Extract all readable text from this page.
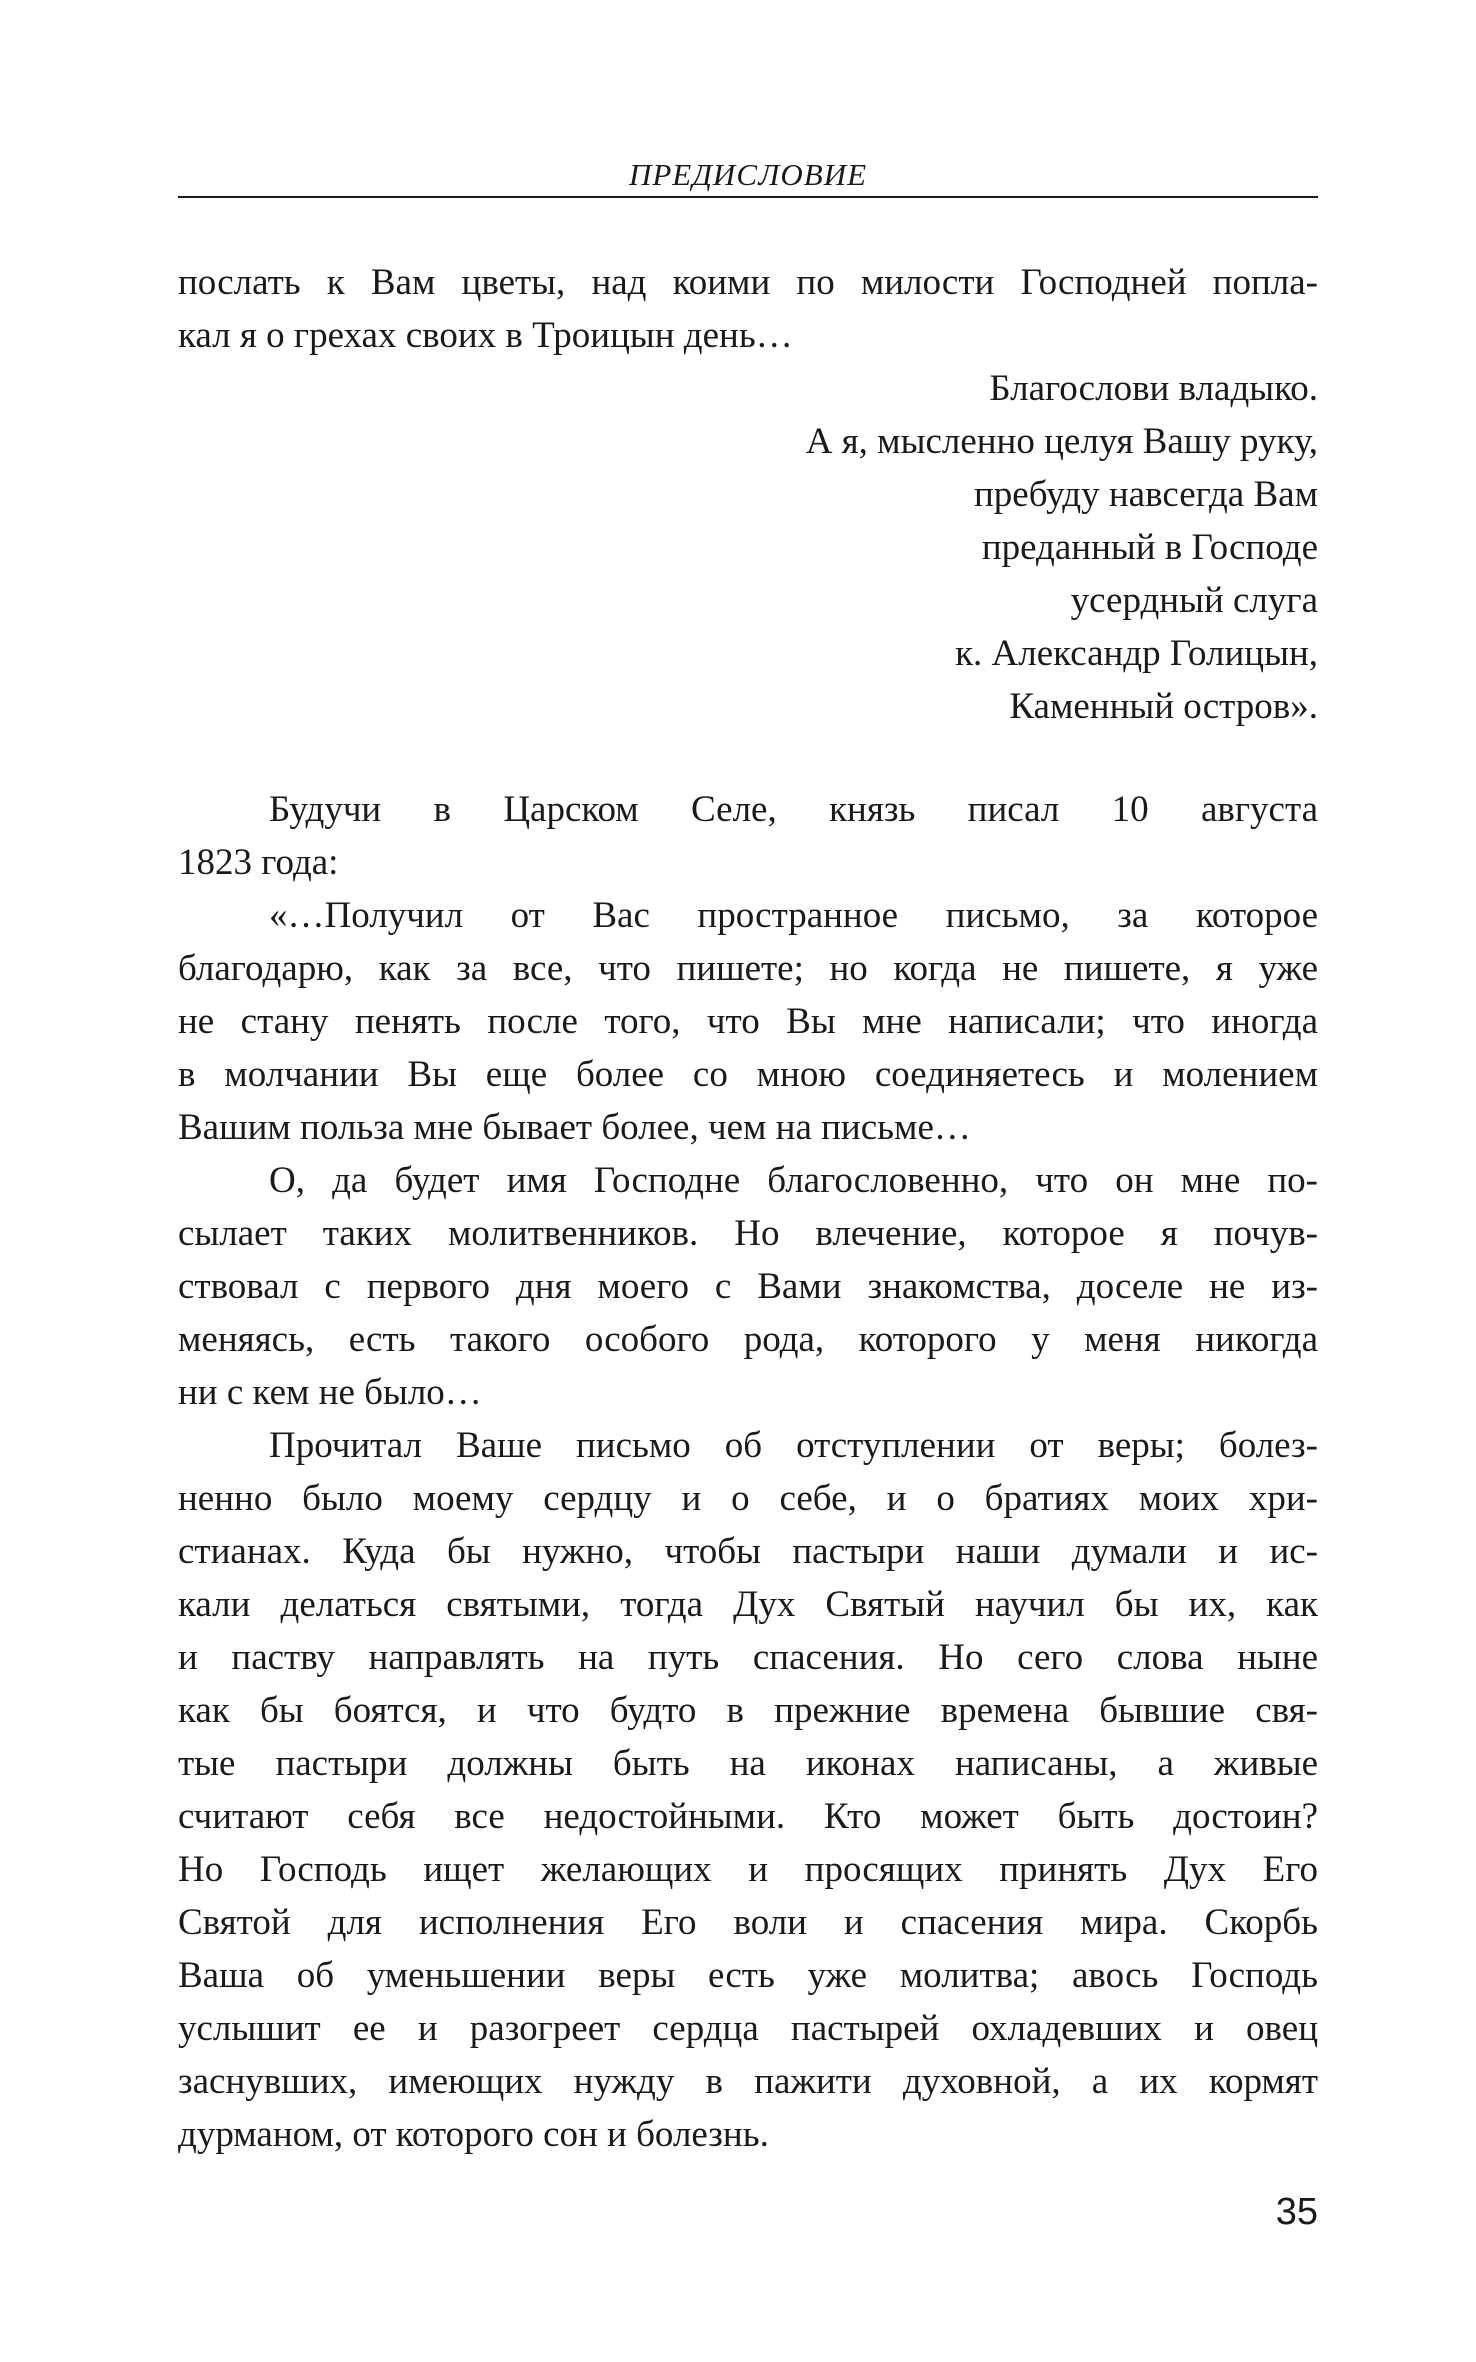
ПРЕДИСЛОВИЕ

послать к Вам цветы, над коими по милости Господней попла-
кал я о грехах своих в Троицын день…

Благослови владыко.
А я, мысленно целуя Вашу руку,
пребуду навсегда Вам
преданный в Господе
усердный слуга
к. Александр Голицын,
Каменный остров».

Будучи в Царском Селе, князь писал 10 августа
1823 года:

«…Получил от Вас пространное письмо, за которое
благодарю, как за все, что пишете; но когда не пишете, я уже
не стану пенять после того, что Вы мне написали; что иногда
в молчании Вы еще более со мною соединяетесь и молением
Вашим польза мне бывает более, чем на письме…

О, да будет имя Господне благословенно, что он мне по-
сылает таких молитвенников. Но влечение, которое я почув-
ствовал с первого дня моего с Вами знакомства, доселе не из-
меняясь, есть такого особого рода, которого у меня никогда
ни с кем не было…

Прочитал Ваше письмо об отступлении от веры; болез-
ненно было моему сердцу и о себе, и о братиях моих хри-
стианах. Куда бы нужно, чтобы пастыри наши думали и ис-
кали делаться святыми, тогда Дух Святый научил бы их, как
и паству направлять на путь спасения. Но сего слова ныне
как бы боятся, и что будто в прежние времена бывшие свя-
тые пастыри должны быть на иконах написаны, а живые
считают себя все недостойными. Кто может быть достоин?
Но Господь ищет желающих и просящих принять Дух Его
Святой для исполнения Его воли и спасения мира. Скорбь
Ваша об уменьшении веры есть уже молитва; авось Господь
услышит ее и разогреет сердца пастырей охладевших и овец
заснувших, имеющих нужду в пажити духовной, а их кормят
дурманом, от которого сон и болезнь.

35
